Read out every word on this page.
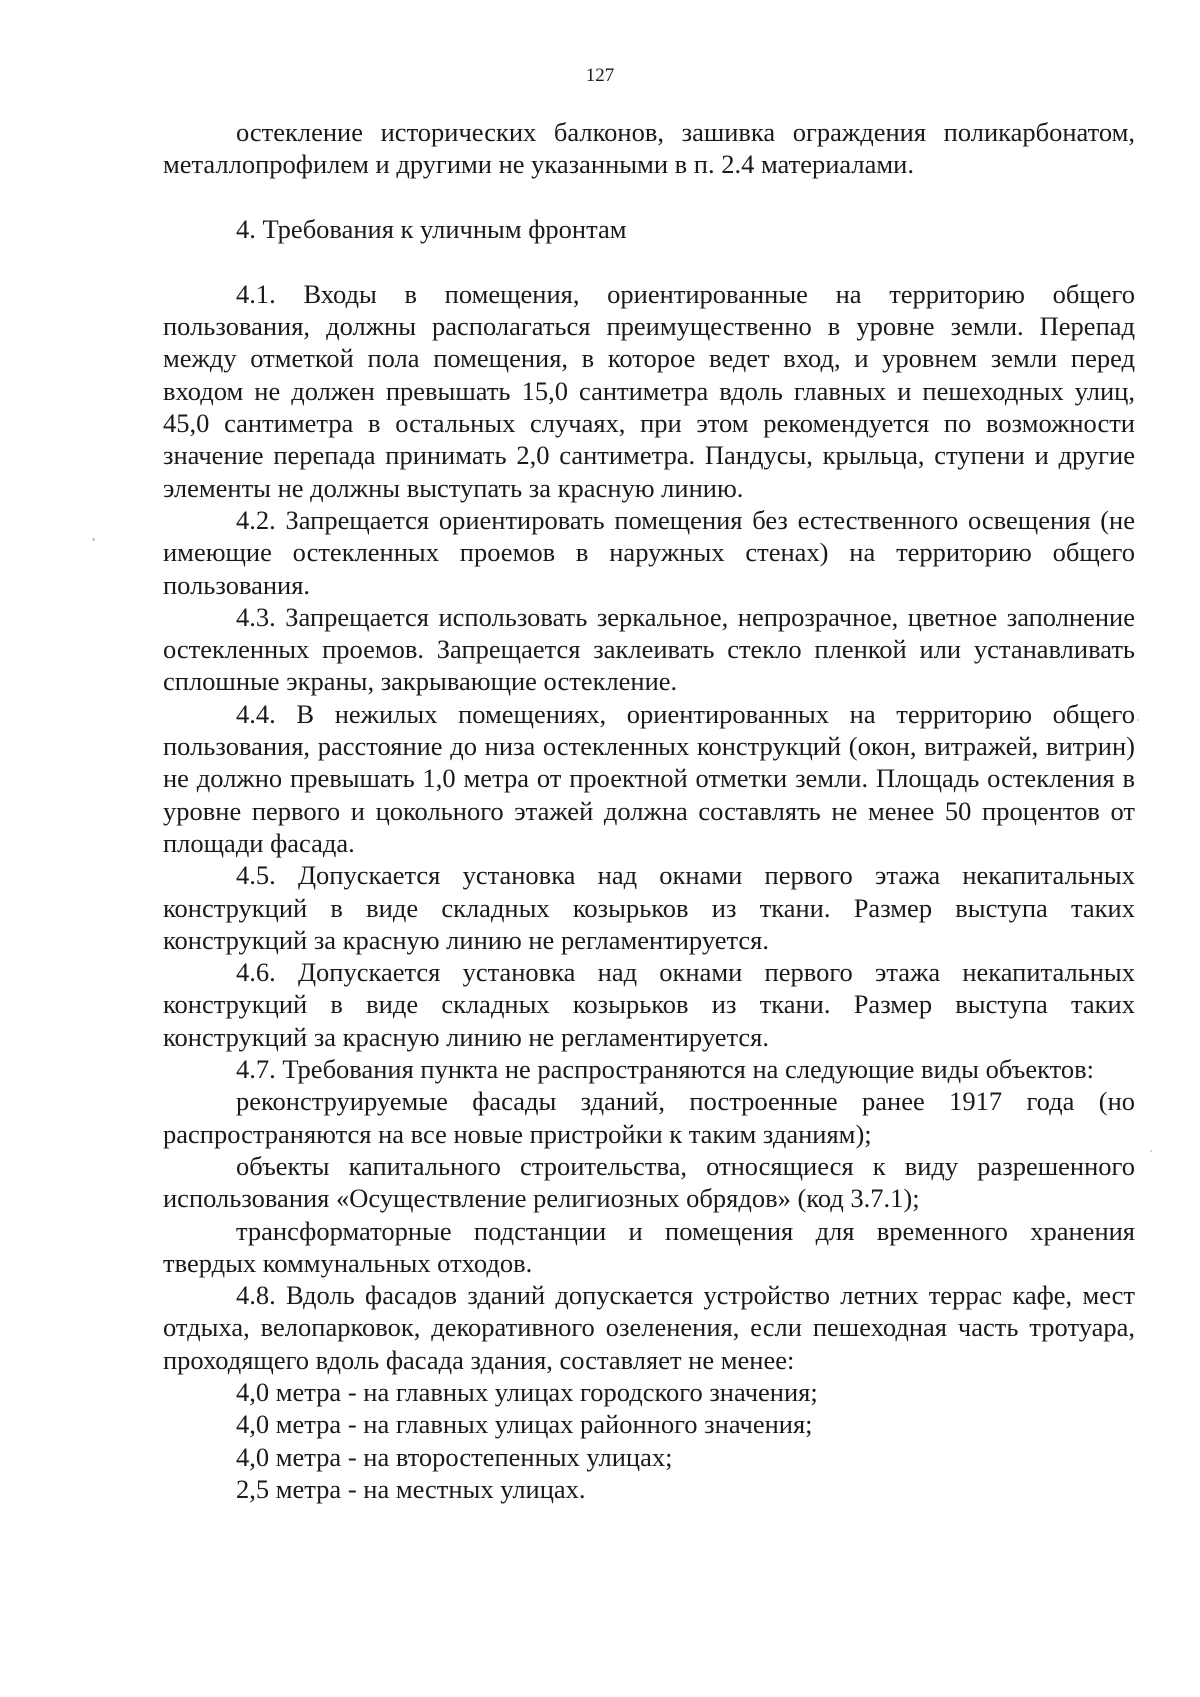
127

остекление исторических балконов, зашивка ограждения поликарбонатом, металлопрофилем и другими не указанными в п. 2.4 материалами.

4. Требования к уличным фронтам

4.1. Входы в помещения, ориентированные на территорию общего пользования, должны располагаться преимущественно в уровне земли. Перепад между отметкой пола помещения, в которое ведет вход, и уровнем земли перед входом не должен превышать 15,0 сантиметра вдоль главных и пешеходных улиц, 45,0 сантиметра в остальных случаях, при этом рекомендуется по возможности значение перепада принимать 2,0 сантиметра. Пандусы, крыльца, ступени и другие элементы не должны выступать за красную линию.

4.2. Запрещается ориентировать помещения без естественного освещения (не имеющие остекленных проемов в наружных стенах) на территорию общего пользования.

4.3. Запрещается использовать зеркальное, непрозрачное, цветное заполнение остекленных проемов. Запрещается заклеивать стекло пленкой или устанавливать сплошные экраны, закрывающие остекление.

4.4. В нежилых помещениях, ориентированных на территорию общего пользования, расстояние до низа остекленных конструкций (окон, витражей, витрин) не должно превышать 1,0 метра от проектной отметки земли. Площадь остекления в уровне первого и цокольного этажей должна составлять не менее 50 процентов от площади фасада.

4.5. Допускается установка над окнами первого этажа некапитальных конструкций в виде складных козырьков из ткани. Размер выступа таких конструкций за красную линию не регламентируется.

4.6. Допускается установка над окнами первого этажа некапитальных конструкций в виде складных козырьков из ткани. Размер выступа таких конструкций за красную линию не регламентируется.

4.7. Требования пункта не распространяются на следующие виды объектов:

реконструируемые фасады зданий, построенные ранее 1917 года (но распространяются на все новые пристройки к таким зданиям);

объекты капитального строительства, относящиеся к виду разрешенного использования «Осуществление религиозных обрядов» (код 3.7.1);

трансформаторные подстанции и помещения для временного хранения твердых коммунальных отходов.

4.8. Вдоль фасадов зданий допускается устройство летних террас кафе, мест отдыха, велопарковок, декоративного озеленения, если пешеходная часть тротуара, проходящего вдоль фасада здания, составляет не менее:

4,0 метра - на главных улицах городского значения;

4,0 метра - на главных улицах районного значения;

4,0 метра - на второстепенных улицах;

2,5 метра - на местных улицах.
